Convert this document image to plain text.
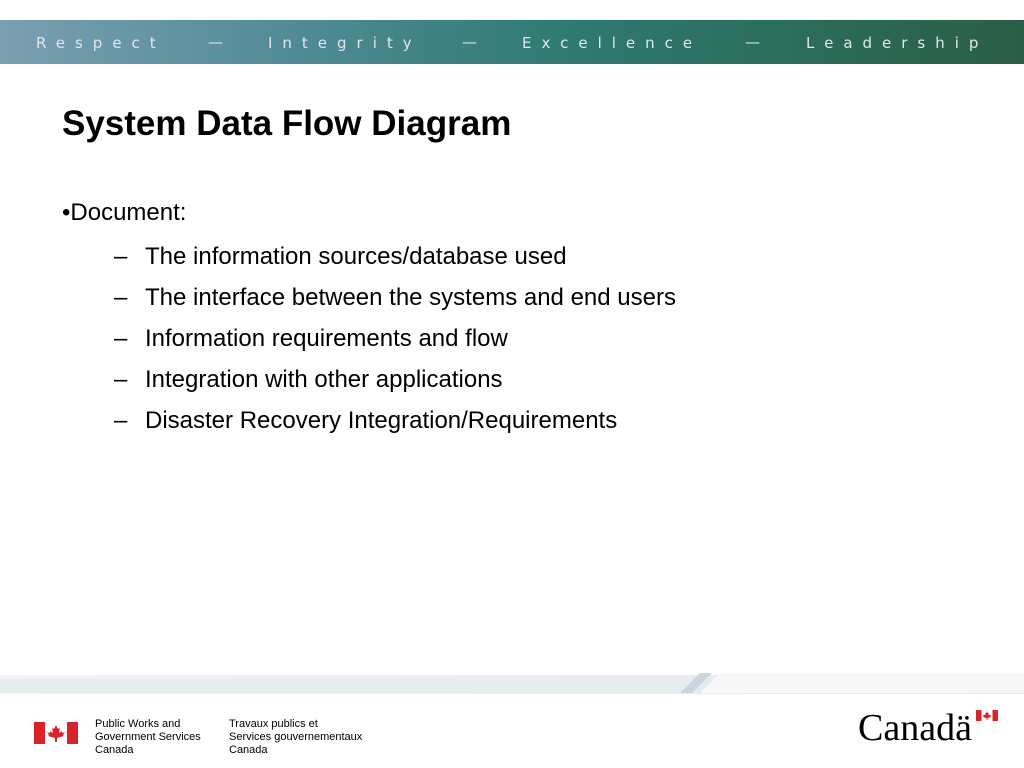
Respect	—	Integrity	—	Excellence	—	Leadership
System Data Flow Diagram
•Document:
– The information sources/database used
– The interface between the systems and end users
– Information requirements and flow
– Integration with other applications
– Disaster Recovery Integration/Requirements
Public Works and
Government Services
Canada
Travaux publics et
Services gouvernementaux
Canada
Canadä
